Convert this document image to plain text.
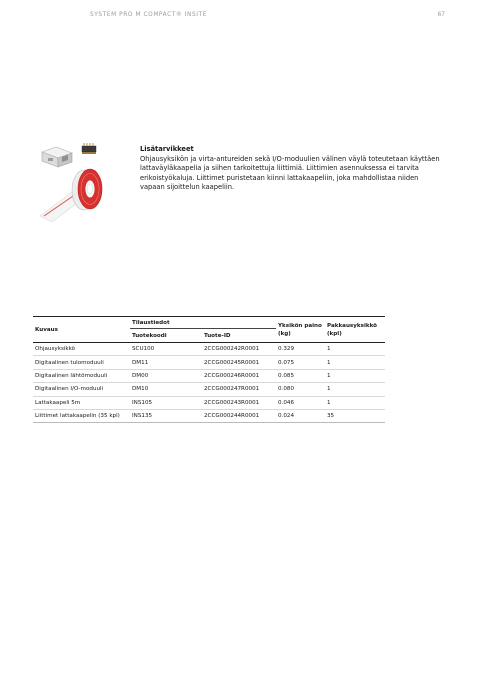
SYSTEM PRO M COMPACT® INSITE	67

Lisätarvikkeet

Ohjausyksikön ja virta-antureiden sekä I/O-moduulien välinen väylä toteutetaan käyttäen lattaväyläkaapelia ja siihen tarkoitettuja liittimiä. Liittimien asennuksessa ei tarvita erikoistyökaluja. Liittimet puristetaan kiinni lattakaapeliin, joka mahdollistaa niiden vapaan sijoittelun kaapeliin.

Kuvaus	Tilaustiedot		Yksikön paino (kg)	Pakkausyksikkö (kpl)
	Tuotekoodi	Tuote-ID		
Ohjausyksikkö	SCU100	2CCG000242R0001	0.329	1
Digitaalinen tulomoduuli	DM11	2CCG000245R0001	0.075	1
Digitaalinen lähtömoduuli	DM00	2CCG000246R0001	0.085	1
Digitaalinen I/O-moduuli	DM10	2CCG000247R0001	0.080	1
Lattakaapeli 5m	INS105	2CCG000243R0001	0.046	1
Liittimet lattakaapelin (35 kpl)	INS135	2CCG000244R0001	0.024	35
